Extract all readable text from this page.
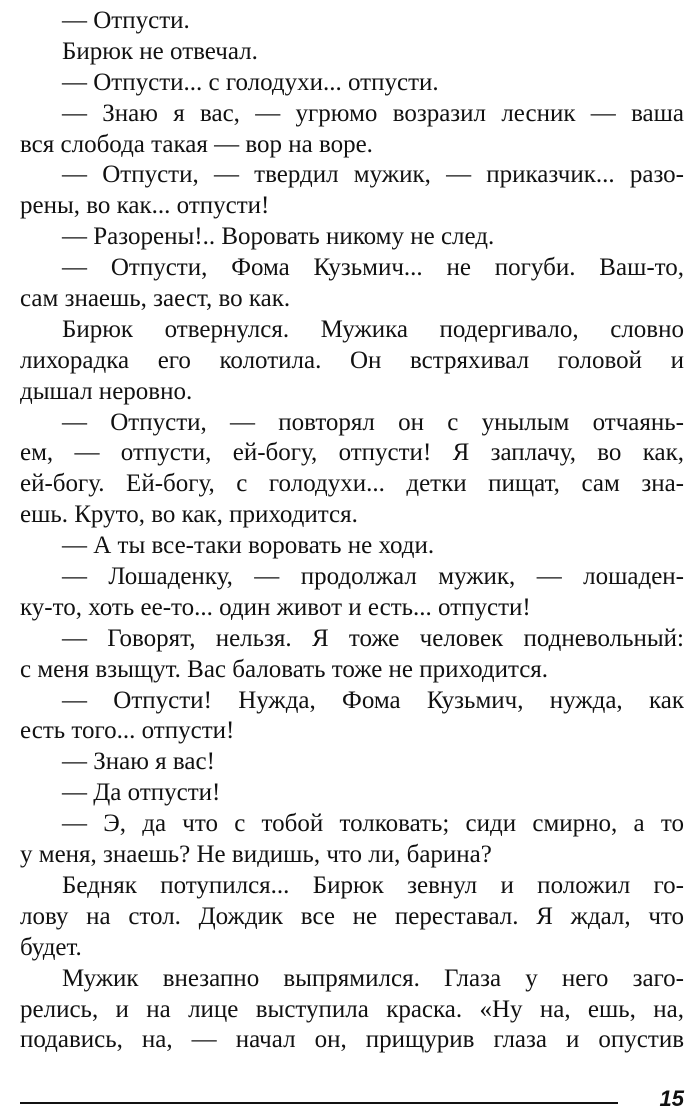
— Отпусти.
Бирюк не отвечал.
— Отпусти... с голодухи... отпусти.
— Знаю я вас, — угрюмо возразил лесник — ваша
вся слобода такая — вор на воре.
— Отпусти, — твердил мужик, — приказчик... разо-
рены, во как... отпусти!
— Разорены!.. Воровать никому не след.
— Отпусти, Фома Кузьмич... не погуби. Ваш-то,
сам знаешь, заест, во как.
Бирюк отвернулся. Мужика подергивало, словно
лихорадка его колотила. Он встряхивал головой и
дышал неровно.
— Отпусти, — повторял он с унылым отчаянь-
ем, — отпусти, ей-богу, отпусти! Я заплачу, во как,
ей-богу. Ей-богу, с голодухи... детки пищат, сам зна-
ешь. Круто, во как, приходится.
— А ты все-таки воровать не ходи.
— Лошаденку, — продолжал мужик, — лошаден-
ку-то, хоть ее-то... один живот и есть... отпусти!
— Говорят, нельзя. Я тоже человек подневольный:
с меня взыщут. Вас баловать тоже не приходится.
— Отпусти! Нужда, Фома Кузьмич, нужда, как
есть того... отпусти!
— Знаю я вас!
— Да отпусти!
— Э, да что с тобой толковать; сиди смирно, а то
у меня, знаешь? Не видишь, что ли, барина?
Бедняк потупился... Бирюк зевнул и положил го-
лову на стол. Дождик все не переставал. Я ждал, что
будет.
Мужик внезапно выпрямился. Глаза у него заго-
релись, и на лице выступила краска. «Ну на, ешь, на,
подавись, на, — начал он, прищурив глаза и опустив
15
